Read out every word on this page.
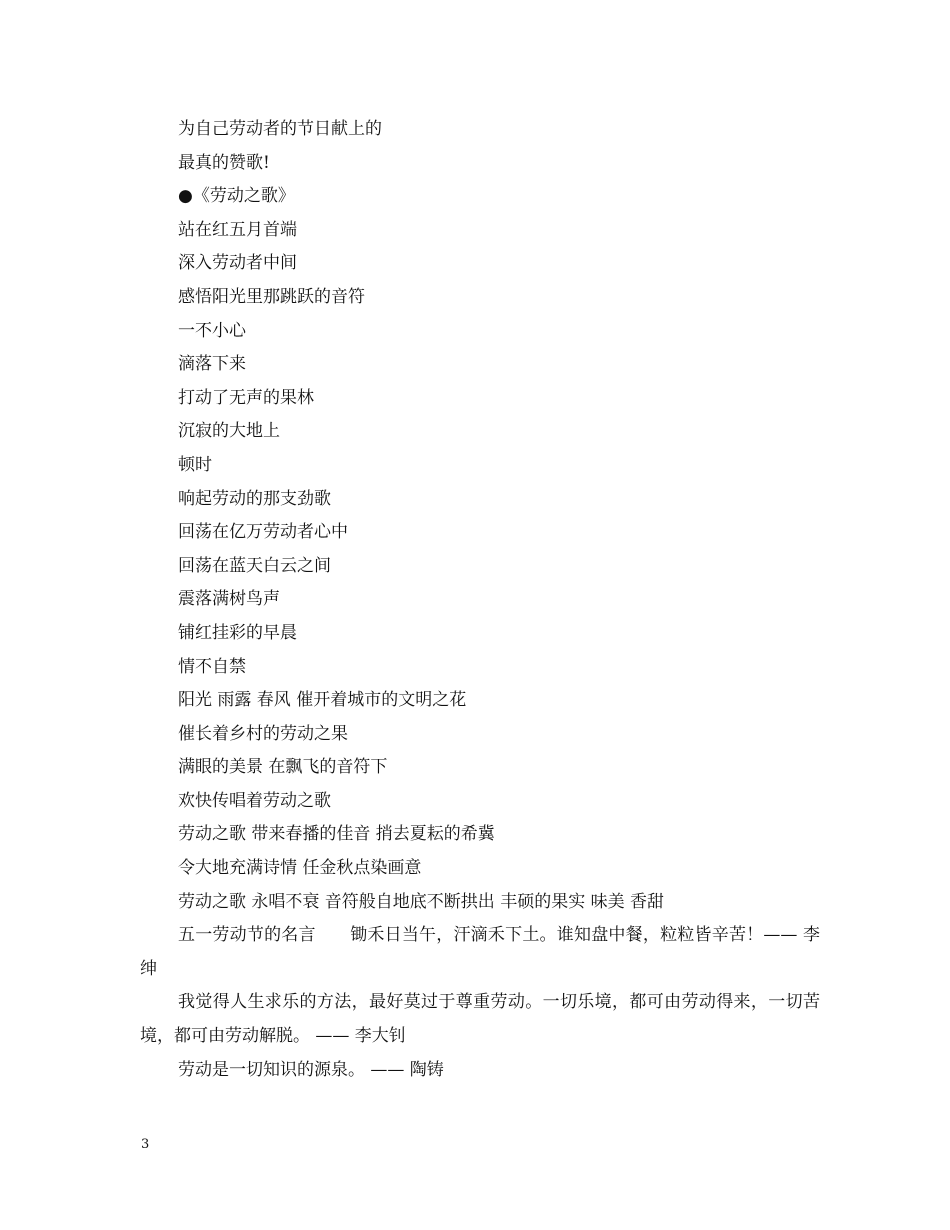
为自己劳动者的节日献上的
最真的赞歌!
●《劳动之歌》
站在红五月首端
深入劳动者中间
感悟阳光里那跳跃的音符
一不小心
滴落下来
打动了无声的果林
沉寂的大地上
顿时
响起劳动的那支劲歌
回荡在亿万劳动者心中
回荡在蓝天白云之间
震落满树鸟声
铺红挂彩的早晨
情不自禁
阳光 雨露 春风 催开着城市的文明之花
催长着乡村的劳动之果
满眼的美景 在飘飞的音符下
欢快传唱着劳动之歌
劳动之歌 带来春播的佳音 捎去夏耘的希冀
令大地充满诗情 任金秋点染画意
劳动之歌 永唱不衰 音符般自地底不断拱出 丰硕的果实 味美 香甜
五一劳动节的名言　　锄禾日当午，汗滴禾下土。谁知盘中餐，粒粒皆辛苦！—— 李绅
我觉得人生求乐的方法，最好莫过于尊重劳动。一切乐境，都可由劳动得来，一切苦境，都可由劳动解脱。 —— 李大钊
劳动是一切知识的源泉。 —— 陶铸
3
